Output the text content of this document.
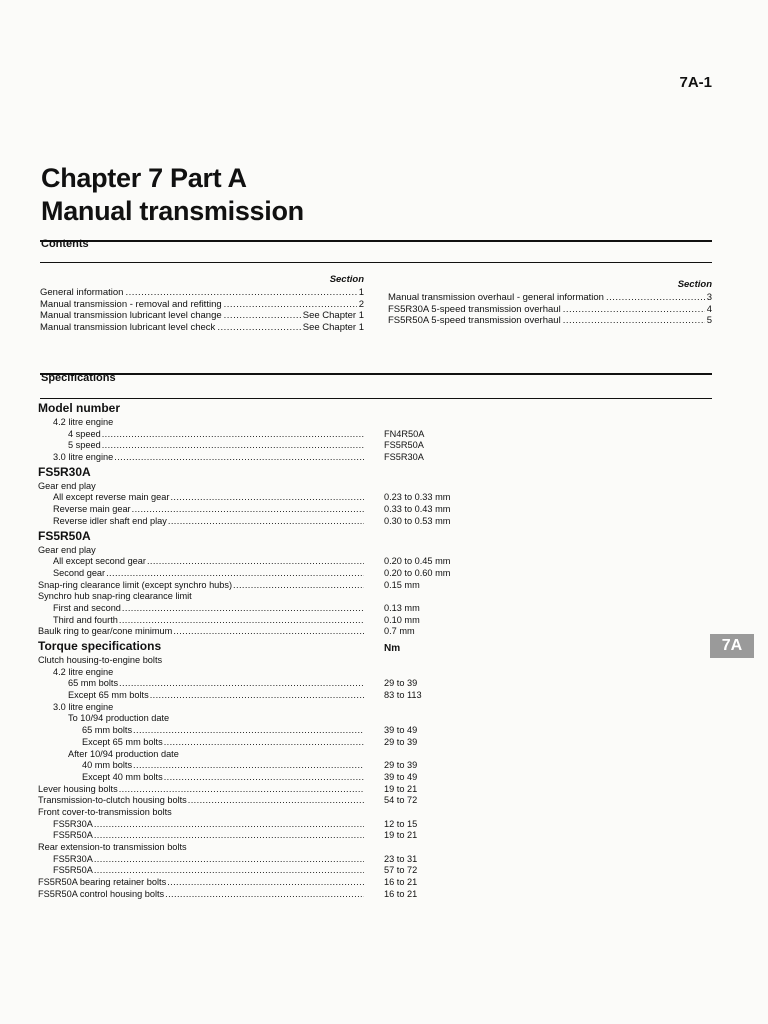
7A-1
Chapter 7 Part A
Manual transmission
Contents
Section
General information .....	1
Manual transmission - removal and refitting .....	2
Manual transmission lubricant level change .....	See Chapter 1
Manual transmission lubricant level check .....	See Chapter 1
Section
Manual transmission overhaul - general information .....	3
FS5R30A 5-speed transmission overhaul .....	4
FS5R50A 5-speed transmission overhaul .....	5
Specifications
Model number
4.2 litre engine
4 speed .....	FN4R50A
5 speed .....	FS5R50A
3.0 litre engine .....	FS5R30A
FS5R30A
Gear end play
All except reverse main gear .....	0.23 to 0.33 mm
Reverse main gear .....	0.33 to 0.43 mm
Reverse idler shaft end play .....	0.30 to 0.53 mm
FS5R50A
Gear end play
All except second gear .....	0.20 to 0.45 mm
Second gear .....	0.20 to 0.60 mm
Snap-ring clearance limit (except synchro hubs) .....	0.15 mm
Synchro hub snap-ring clearance limit
First and second .....	0.13 mm
Third and fourth .....	0.10 mm
Baulk ring to gear/cone minimum .....	0.7 mm
Torque specifications	Nm
Clutch housing-to-engine bolts
4.2 litre engine
65 mm bolts .....	29 to 39
Except 65 mm bolts .....	83 to 113
3.0 litre engine
To 10/94 production date
65 mm bolts .....	39 to 49
Except 65 mm bolts .....	29 to 39
After 10/94 production date
40 mm bolts .....	29 to 39
Except 40 mm bolts .....	39 to 49
Lever housing bolts .....	19 to 21
Transmission-to-clutch housing bolts .....	54 to 72
Front cover-to-transmission bolts
FS5R30A .....	12 to 15
FS5R50A .....	19 to 21
Rear extension-to transmission bolts
FS5R30A .....	23 to 31
FS5R50A .....	57 to 72
FS5R50A bearing retainer bolts .....	16 to 21
FS5R50A control housing bolts .....	16 to 21
7A
